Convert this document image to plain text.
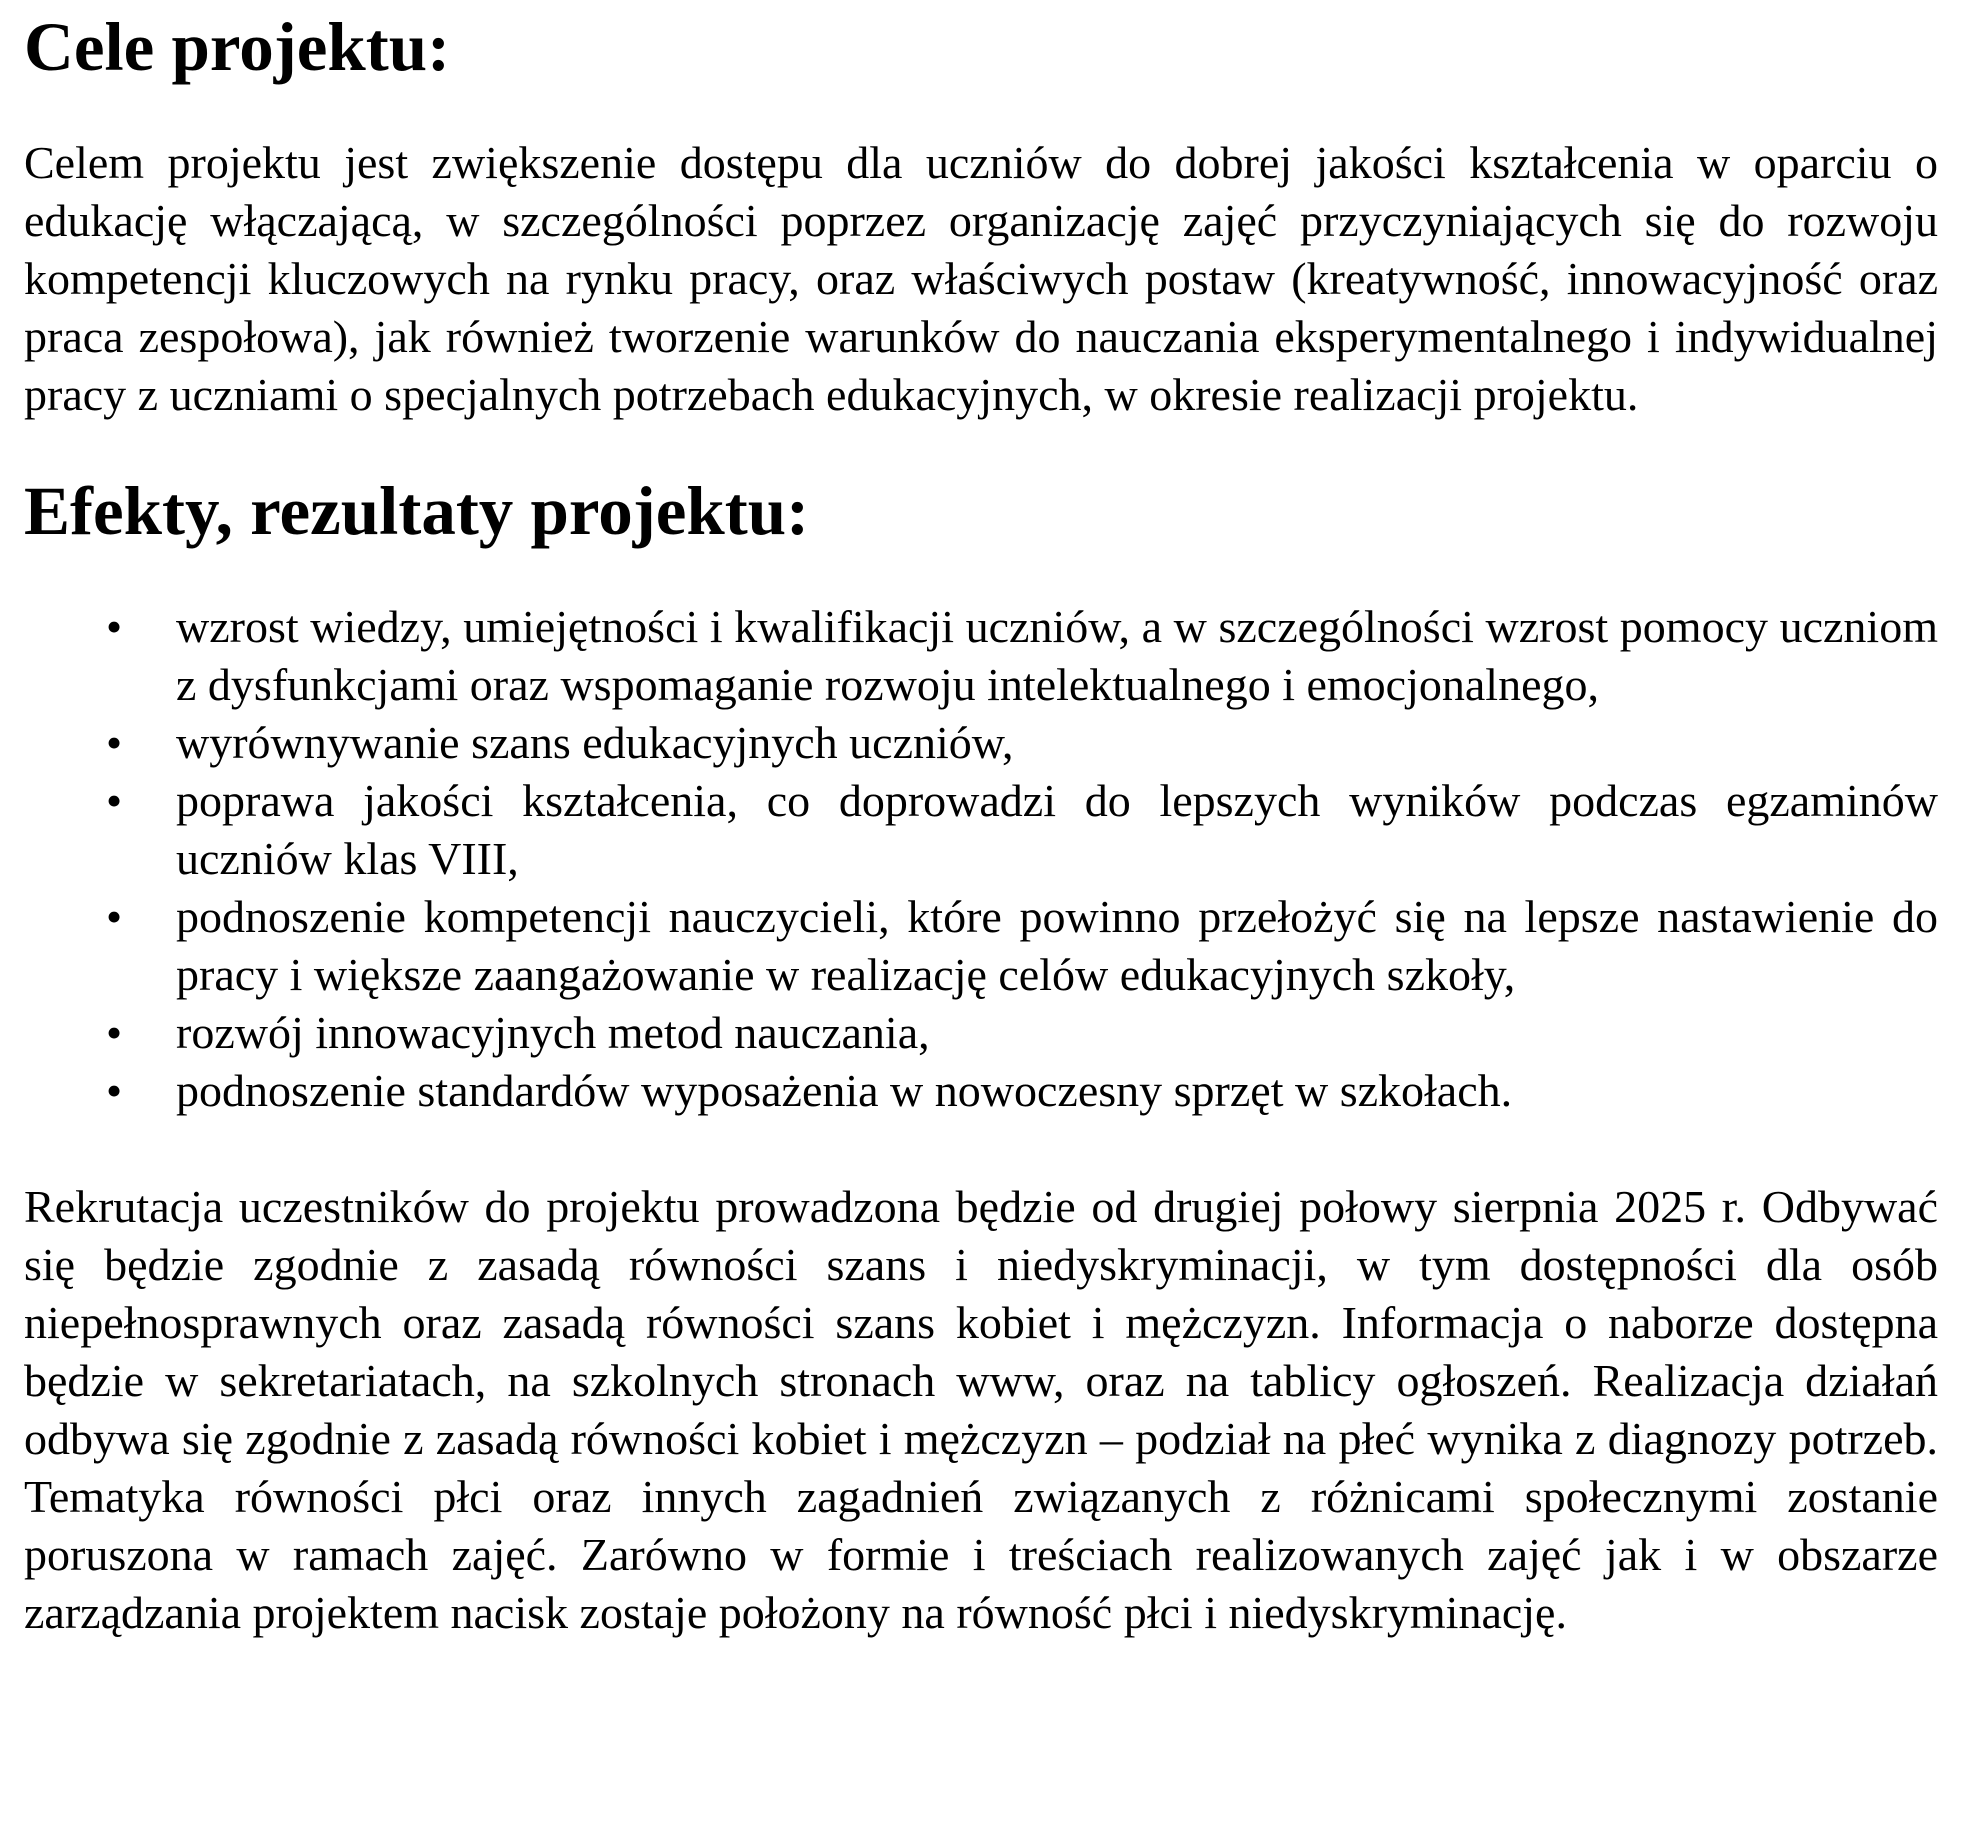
Cele projektu:

Celem projektu jest zwiększenie dostępu dla uczniów do dobrej jakości kształcenia w oparciu o edukację włączającą, w szczególności poprzez organizację zajęć przyczyniających się do rozwoju kompetencji kluczowych na rynku pracy, oraz właściwych postaw (kreatywność, innowacyjność oraz praca zespołowa), jak również tworzenie warunków do nauczania eksperymentalnego i indywidualnej pracy z uczniami o specjalnych potrzebach edukacyjnych, w okresie realizacji projektu.

Efekty, rezultaty projektu:
• wzrost wiedzy, umiejętności i kwalifikacji uczniów, a w szczególności wzrost pomocy uczniom z dysfunkcjami oraz wspomaganie rozwoju intelektualnego i emocjonalnego,
• wyrównywanie szans edukacyjnych uczniów,
• poprawa jakości kształcenia, co doprowadzi do lepszych wyników podczas egzaminów uczniów klas VIII,
• podnoszenie kompetencji nauczycieli, które powinno przełożyć się na lepsze nastawienie do pracy i większe zaangażowanie w realizację celów edukacyjnych szkoły,
• rozwój innowacyjnych metod nauczania,
• podnoszenie standardów wyposażenia w nowoczesny sprzęt w szkołach.

Rekrutacja uczestników do projektu prowadzona będzie od drugiej połowy sierpnia 2025 r. Odbywać się będzie zgodnie z zasadą równości szans i niedyskryminacji, w tym dostępności dla osób niepełnosprawnych oraz zasadą równości szans kobiet i mężczyzn. Informacja o naborze dostępna będzie w sekretariatach, na szkolnych stronach www, oraz na tablicy ogłoszeń. Realizacja działań odbywa się zgodnie z zasadą równości kobiet i mężczyzn – podział na płeć wynika z diagnozy potrzeb. Tematyka równości płci oraz innych zagadnień związanych z różnicami społecznymi zostanie poruszona w ramach zajęć. Zarówno w formie i treściach realizowanych zajęć jak i w obszarze zarządzania projektem nacisk zostaje położony na równość płci i niedyskryminację.
